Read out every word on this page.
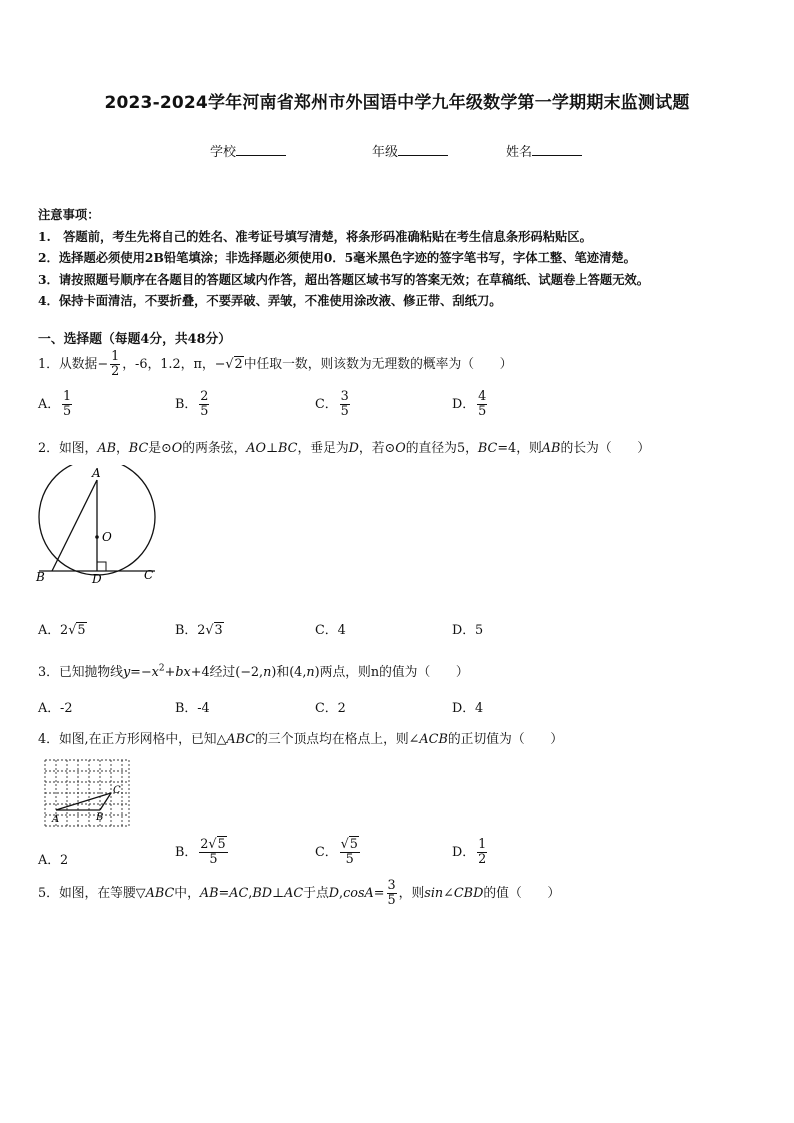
2023-2024学年河南省郑州市外国语中学九年级数学第一学期期末监测试题
学校	年级	姓名
注意事项：
1.　答题前，考生先将自己的姓名、准考证号填写清楚，将条形码准确粘贴在考生信息条形码粘贴区。
2．选择题必须使用2B铅笔填涂；非选择题必须使用0．5毫米黑色字迹的签字笔书写，字体工整、笔迹清楚。
3．请按照题号顺序在各题目的答题区域内作答，超出答题区域书写的答案无效；在草稿纸、试题卷上答题无效。
4．保持卡面清洁，不要折叠，不要弄破、弄皱，不准使用涂改液、修正带、刮纸刀。
一、选择题（每题4分，共48分）
1．从数据− $\frac{1}{2}$ ，-6，1.2，π，−√2中任取一数，则该数为无理数的概率为（　　）
A． $\frac{1}{5}$	B． $\frac{2}{5}$	C． $\frac{3}{5}$	D． $\frac{4}{5}$
2．如图，AB，BC是⊙O的两条弦，AO⊥BC，垂足为D，若⊙O的直径为5，BC=4，则AB的长为（　　）
A
O
B	D	C
A．2√5	B．2√3	C．4	D．5
3．已知抛物线$y=-x^2+bx+4$经过(−2,n)和(4,n)两点，则n的值为（　　）
A．-2	B．-4	C．2	D．4
4．如图,在正方形网格中，已知△ABC的三个顶点均在格点上，则∠ACB的正切值为（　　）
A	B
C
A．2
B． $\frac{2√5}{5}$	C． $\frac{√5}{5}$	D． $\frac{1}{2}$
5．如图，在等腰▽ABC中，AB=AC,BD⊥AC于点$D,\cos A= \frac{3}{5}$ ，则sin∠CBD的值（　　）
